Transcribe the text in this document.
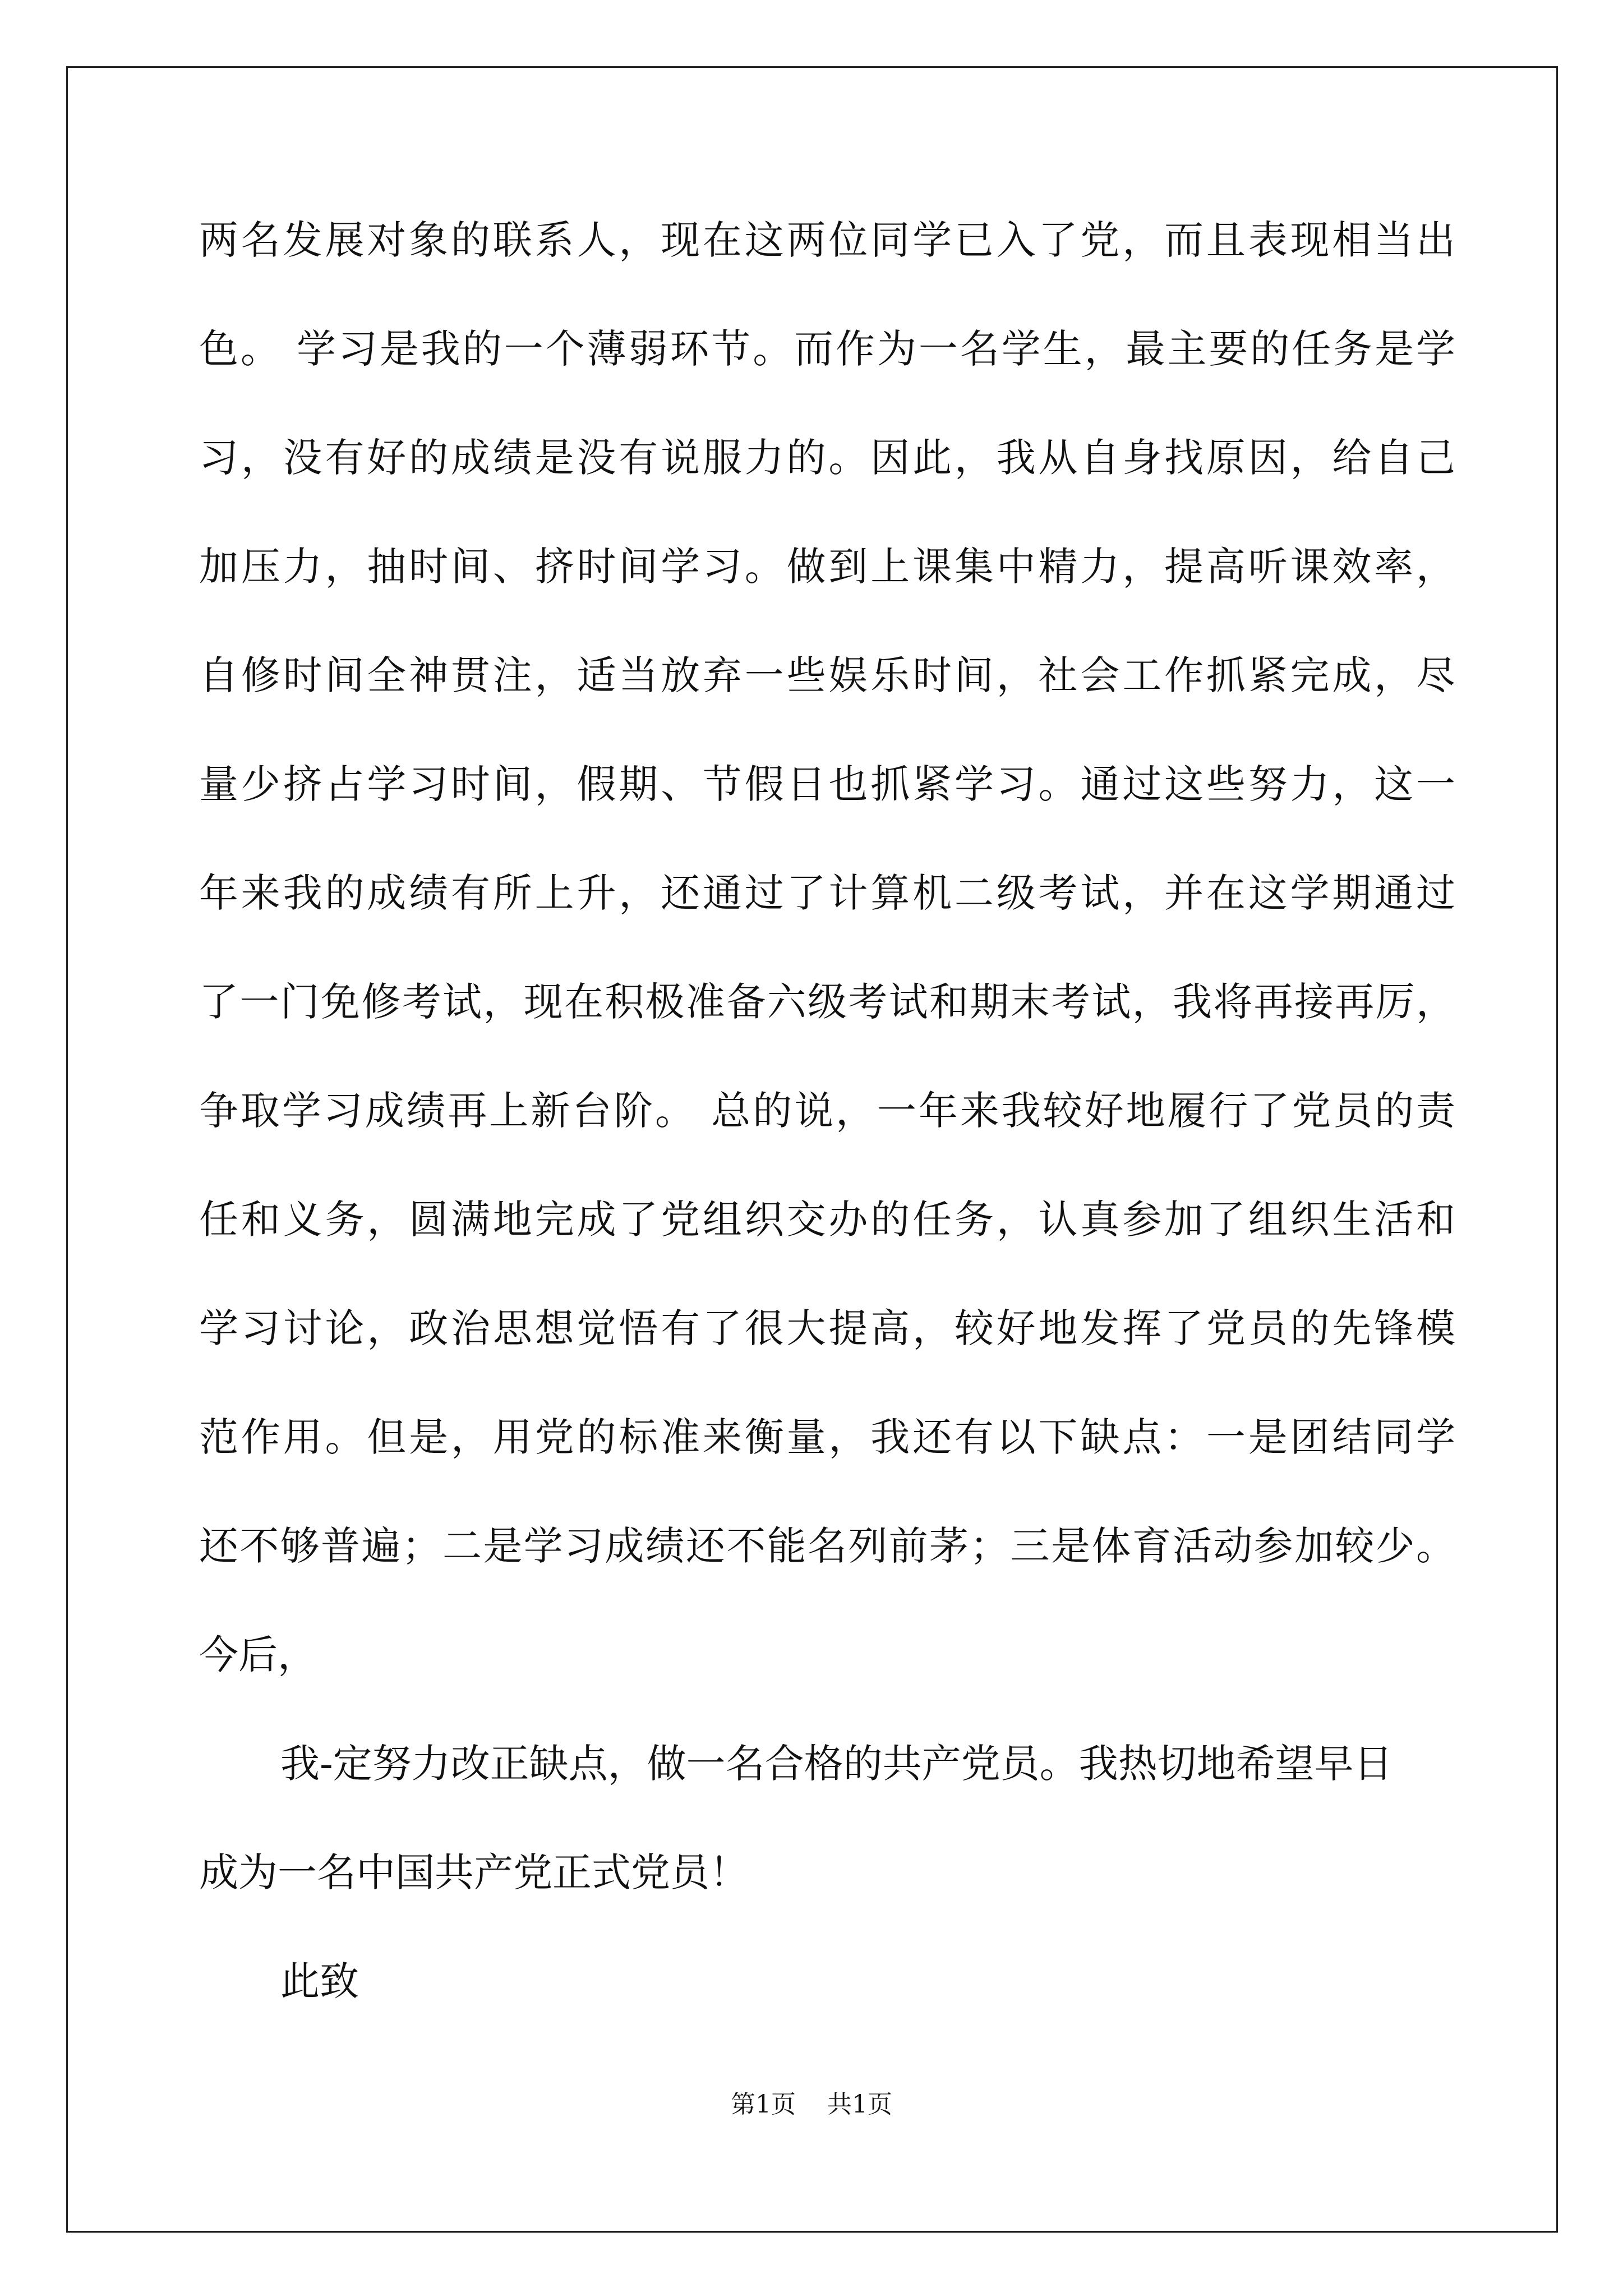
两名发展对象的联系人，现在这两位同学已入了党，而且表现相当出
色。 学习是我的一个薄弱环节。而作为一名学生，最主要的任务是学
习，没有好的成绩是没有说服力的。因此，我从自身找原因，给自己
加压力，抽时间、挤时间学习。做到上课集中精力，提高听课效率，
自修时间全神贯注，适当放弃一些娱乐时间，社会工作抓紧完成，尽
量少挤占学习时间，假期、节假日也抓紧学习。通过这些努力，这一
年来我的成绩有所上升，还通过了计算机二级考试，并在这学期通过
了一门免修考试，现在积极准备六级考试和期末考试，我将再接再厉，
争取学习成绩再上新台阶。 总的说，一年来我较好地履行了党员的责
任和义务，圆满地完成了党组织交办的任务，认真参加了组织生活和
学习讨论，政治思想觉悟有了很大提高，较好地发挥了党员的先锋模
范作用。但是，用党的标准来衡量，我还有以下缺点：一是团结同学
还不够普遍；二是学习成绩还不能名列前茅；三是体育活动参加较少。
今后，
我-定努力改正缺点，做一名合格的共产党员。我热切地希望早日
成为一名中国共产党正式党员！
此致
第1页 共1页
